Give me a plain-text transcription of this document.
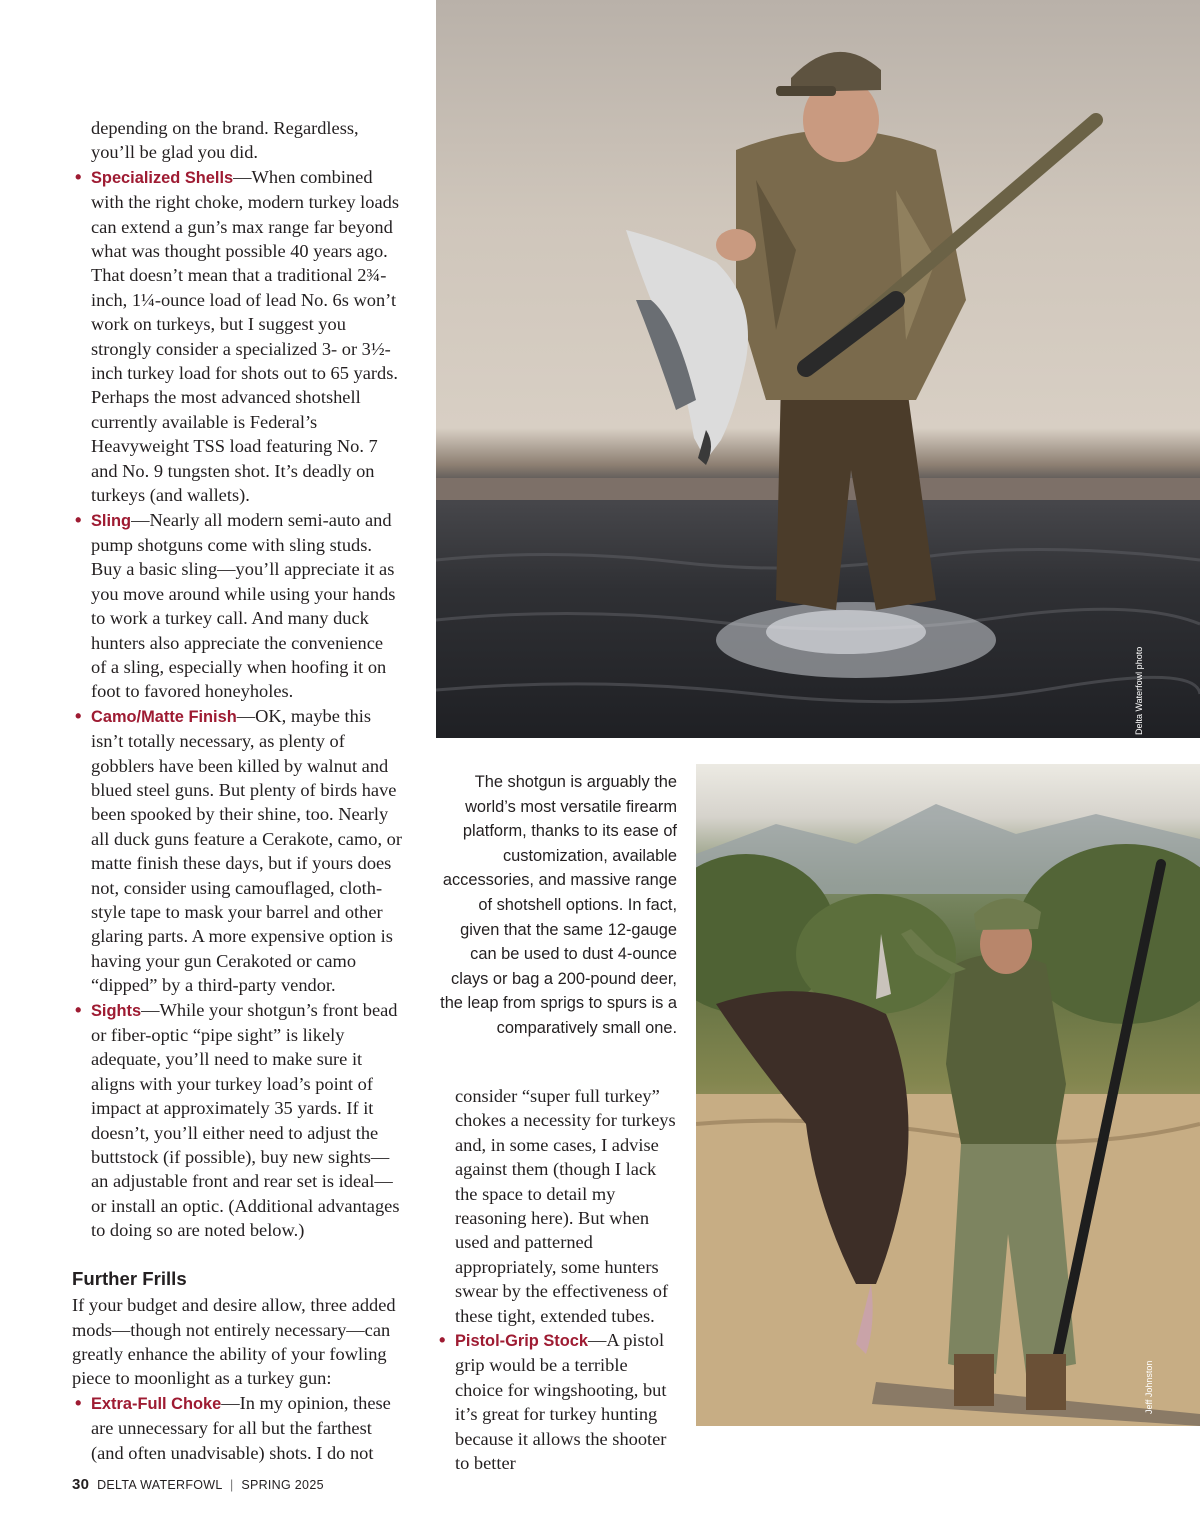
Delta Waterfowl photo
Jeff Johnston

depending on the brand. Regardless, you’ll be glad you did.

• Specialized Shells—When combined with the right choke, modern turkey loads can extend a gun’s max range far beyond what was thought possible 40 years ago. That doesn’t mean that a traditional 2¾-inch, 1¼-ounce load of lead No. 6s won’t work on turkeys, but I suggest you strongly consider a specialized 3- or 3½-inch turkey load for shots out to 65 yards. Perhaps the most advanced shotshell currently available is Federal’s Heavyweight TSS load featuring No. 7 and No. 9 tungsten shot. It’s deadly on turkeys (and wallets).

• Sling—Nearly all modern semi-auto and pump shotguns come with sling studs. Buy a basic sling—you’ll appreciate it as you move around while using your hands to work a turkey call. And many duck hunters also appreciate the convenience of a sling, especially when hoofing it on foot to favored honeyholes.

• Camo/Matte Finish—OK, maybe this isn’t totally necessary, as plenty of gobblers have been killed by walnut and blued steel guns. But plenty of birds have been spooked by their shine, too. Nearly all duck guns feature a Cerakote, camo, or matte finish these days, but if yours does not, consider using camouflaged, cloth-style tape to mask your barrel and other glaring parts. A more expensive option is having your gun Cerakoted or camo “dipped” by a third-party vendor.

• Sights—While your shotgun’s front bead or fiber-optic “pipe sight” is likely adequate, you’ll need to make sure it aligns with your turkey load’s point of impact at approximately 35 yards. If it doesn’t, you’ll either need to adjust the buttstock (if possible), buy new sights—an adjustable front and rear set is ideal—or install an optic. (Additional advantages to doing so are noted below.)

Further Frills

If your budget and desire allow, three added mods—though not entirely necessary—can greatly enhance the ability of your fowling piece to moonlight as a turkey gun:

• Extra-Full Choke—In my opinion, these are unnecessary for all but the farthest (and often unadvisable) shots. I do not

The shotgun is arguably the world’s most versatile firearm platform, thanks to its ease of customization, available accessories, and massive range of shotshell options. In fact, given that the same 12-gauge can be used to dust 4-ounce clays or bag a 200-pound deer, the leap from sprigs to spurs is a comparatively small one.

consider “super full turkey” chokes a necessity for turkeys and, in some cases, I advise against them (though I lack the space to detail my reasoning here). But when used and patterned appropriately, some hunters swear by the effectiveness of these tight, extended tubes.

• Pistol-Grip Stock—A pistol grip would be a terrible choice for wingshooting, but it’s great for turkey hunting because it allows the shooter to better

30 DELTA WATERFOWL | SPRING 2025
